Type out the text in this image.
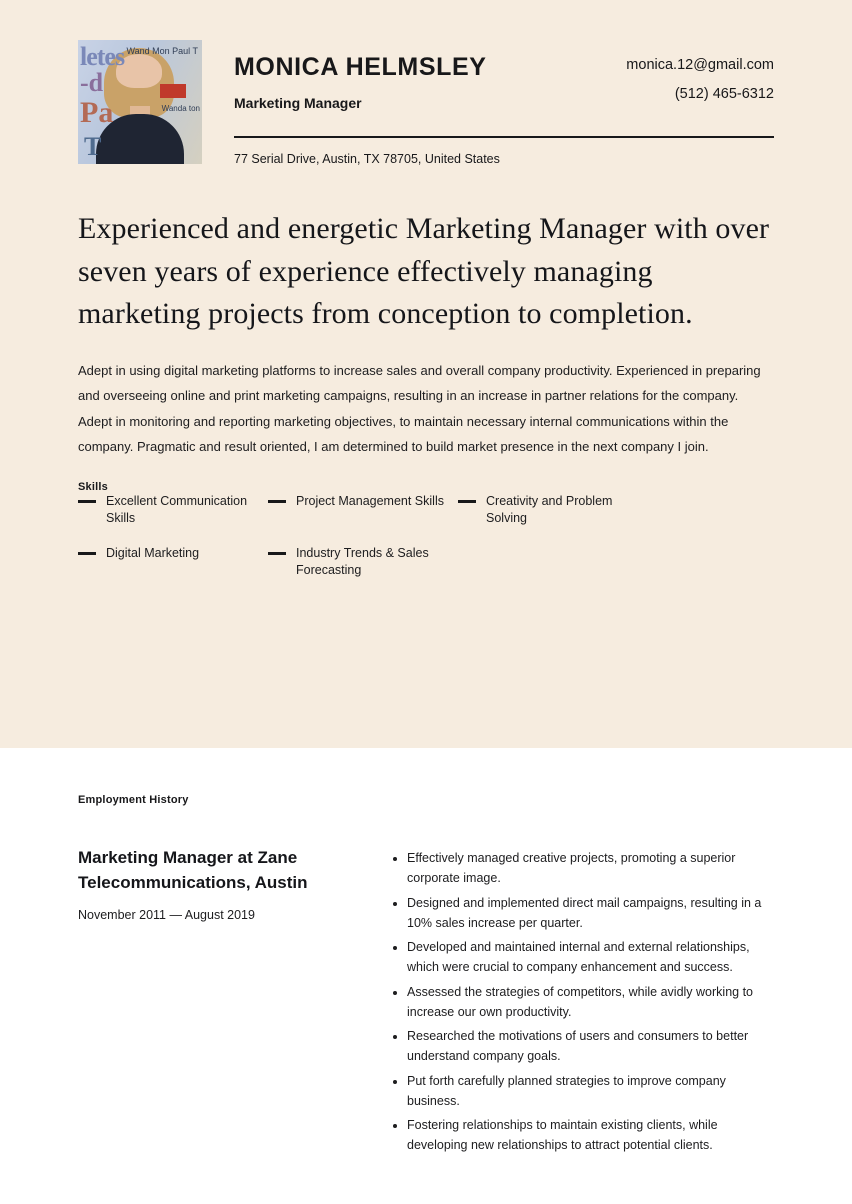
letes
-d
Pa
T
Wand Mon Paul T
Wanda ton
MONICA HELMSLEY
Marketing Manager
monica.12@gmail.com
(512) 465-6312
77 Serial Drive, Austin, TX 78705, United States
Experienced and energetic Marketing Manager with over seven years of experience effectively managing marketing projects from conception to completion.
Adept in using digital marketing platforms to increase sales and overall company productivity. Experienced in preparing and overseeing online and print marketing campaigns, resulting in an increase in partner relations for the company. Adept in monitoring and reporting marketing objectives, to maintain necessary internal communications within the company. Pragmatic and result oriented, I am determined to build market presence in the next company I join.
Skills
Excellent Communication Skills
Project Management Skills	Creativity and Problem Solving
Digital Marketing	Industry Trends & Sales Forecasting
Employment History
Marketing Manager at Zane Telecommunications, Austin
November 2011 — August 2019
• Effectively managed creative projects, promoting a superior corporate image.
• Designed and implemented direct mail campaigns, resulting in a 10% sales increase per quarter.
• Developed and maintained internal and external relationships, which were crucial to company enhancement and success.
• Assessed the strategies of competitors, while avidly working to increase our own productivity.
• Researched the motivations of users and consumers to better understand company goals.
• Put forth carefully planned strategies to improve company business.
• Fostering relationships to maintain existing clients, while developing new relationships to attract potential clients.
